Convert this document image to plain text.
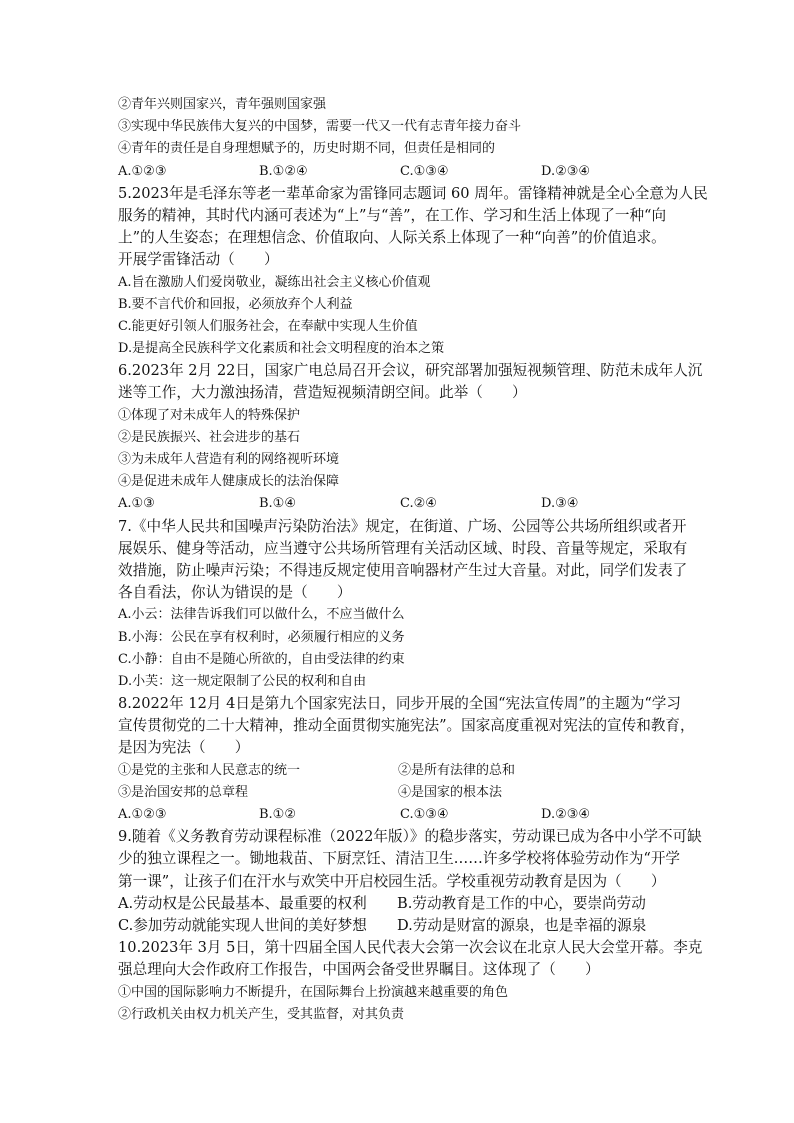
②青年兴则国家兴，青年强则国家强
③实现中华民族伟大复兴的中国梦，需要一代又一代有志青年接力奋斗
④青年的责任是自身理想赋予的，历史时期不同，但责任是相同的
A.①②③	B.①②④	C.①③④	D.②③④
5.2023年是毛泽东等老一辈革命家为雷锋同志题词 60 周年。雷锋精神就是全心全意为人民
服务的精神，其时代内涵可表述为“上”与“善”，在工作、学习和生活上体现了一种“向
上”的人生姿态；在理想信念、价值取向、人际关系上体现了一种“向善”的价值追求。
开展学雷锋活动（　　）
A.旨在激励人们爱岗敬业，凝练出社会主义核心价值观
B.要不言代价和回报，必须放弃个人利益
C.能更好引领人们服务社会，在奉献中实现人生价值
D.是提高全民族科学文化素质和社会文明程度的治本之策
6.2023年 2月 22日，国家广电总局召开会议，研究部署加强短视频管理、防范未成年人沉
迷等工作，大力激浊扬清，营造短视频清朗空间。此举（　　）
①体现了对未成年人的特殊保护
②是民族振兴、社会进步的基石
③为未成年人营造有利的网络视听环境
④是促进未成年人健康成长的法治保障
A.①③	B.①④	C.②④	D.③④
7.《中华人民共和国噪声污染防治法》规定，在街道、广场、公园等公共场所组织或者开
展娱乐、健身等活动，应当遵守公共场所管理有关活动区域、时段、音量等规定，采取有
效措施，防止噪声污染；不得违反规定使用音响器材产生过大音量。对此，同学们发表了
各自看法，你认为错误的是（　　）
A.小云：法律告诉我们可以做什么，不应当做什么
B.小海：公民在享有权利时，必须履行相应的义务
C.小静：自由不是随心所欲的，自由受法律的约束
D.小芙：这一规定限制了公民的权利和自由
8.2022年 12月 4日是第九个国家宪法日，同步开展的全国“宪法宣传周”的主题为“学习
宣传贯彻党的二十大精神，推动全面贯彻实施宪法”。国家高度重视对宪法的宣传和教育，
是因为宪法（　　）
①是党的主张和人民意志的统一	②是所有法律的总和
③是治国安邦的总章程	④是国家的根本法
A.①②③	B.①②	C.①③④	D.②③④
9.随着《义务教育劳动课程标准（2022年版）》的稳步落实，劳动课已成为各中小学不可缺
少的独立课程之一。锄地栽苗、下厨烹饪、清洁卫生……许多学校将体验劳动作为“开学
第一课”，让孩子们在汗水与欢笑中开启校园生活。学校重视劳动教育是因为（　　）
A.劳动权是公民最基本、最重要的权利	B.劳动教育是工作的中心，要崇尚劳动
C.参加劳动就能实现人世间的美好梦想	D.劳动是财富的源泉，也是幸福的源泉
10.2023年 3月 5日，第十四届全国人民代表大会第一次会议在北京人民大会堂开幕。李克
强总理向大会作政府工作报告，中国两会备受世界瞩目。这体现了（　　）
①中国的国际影响力不断提升，在国际舞台上扮演越来越重要的角色
②行政机关由权力机关产生，受其监督，对其负责
